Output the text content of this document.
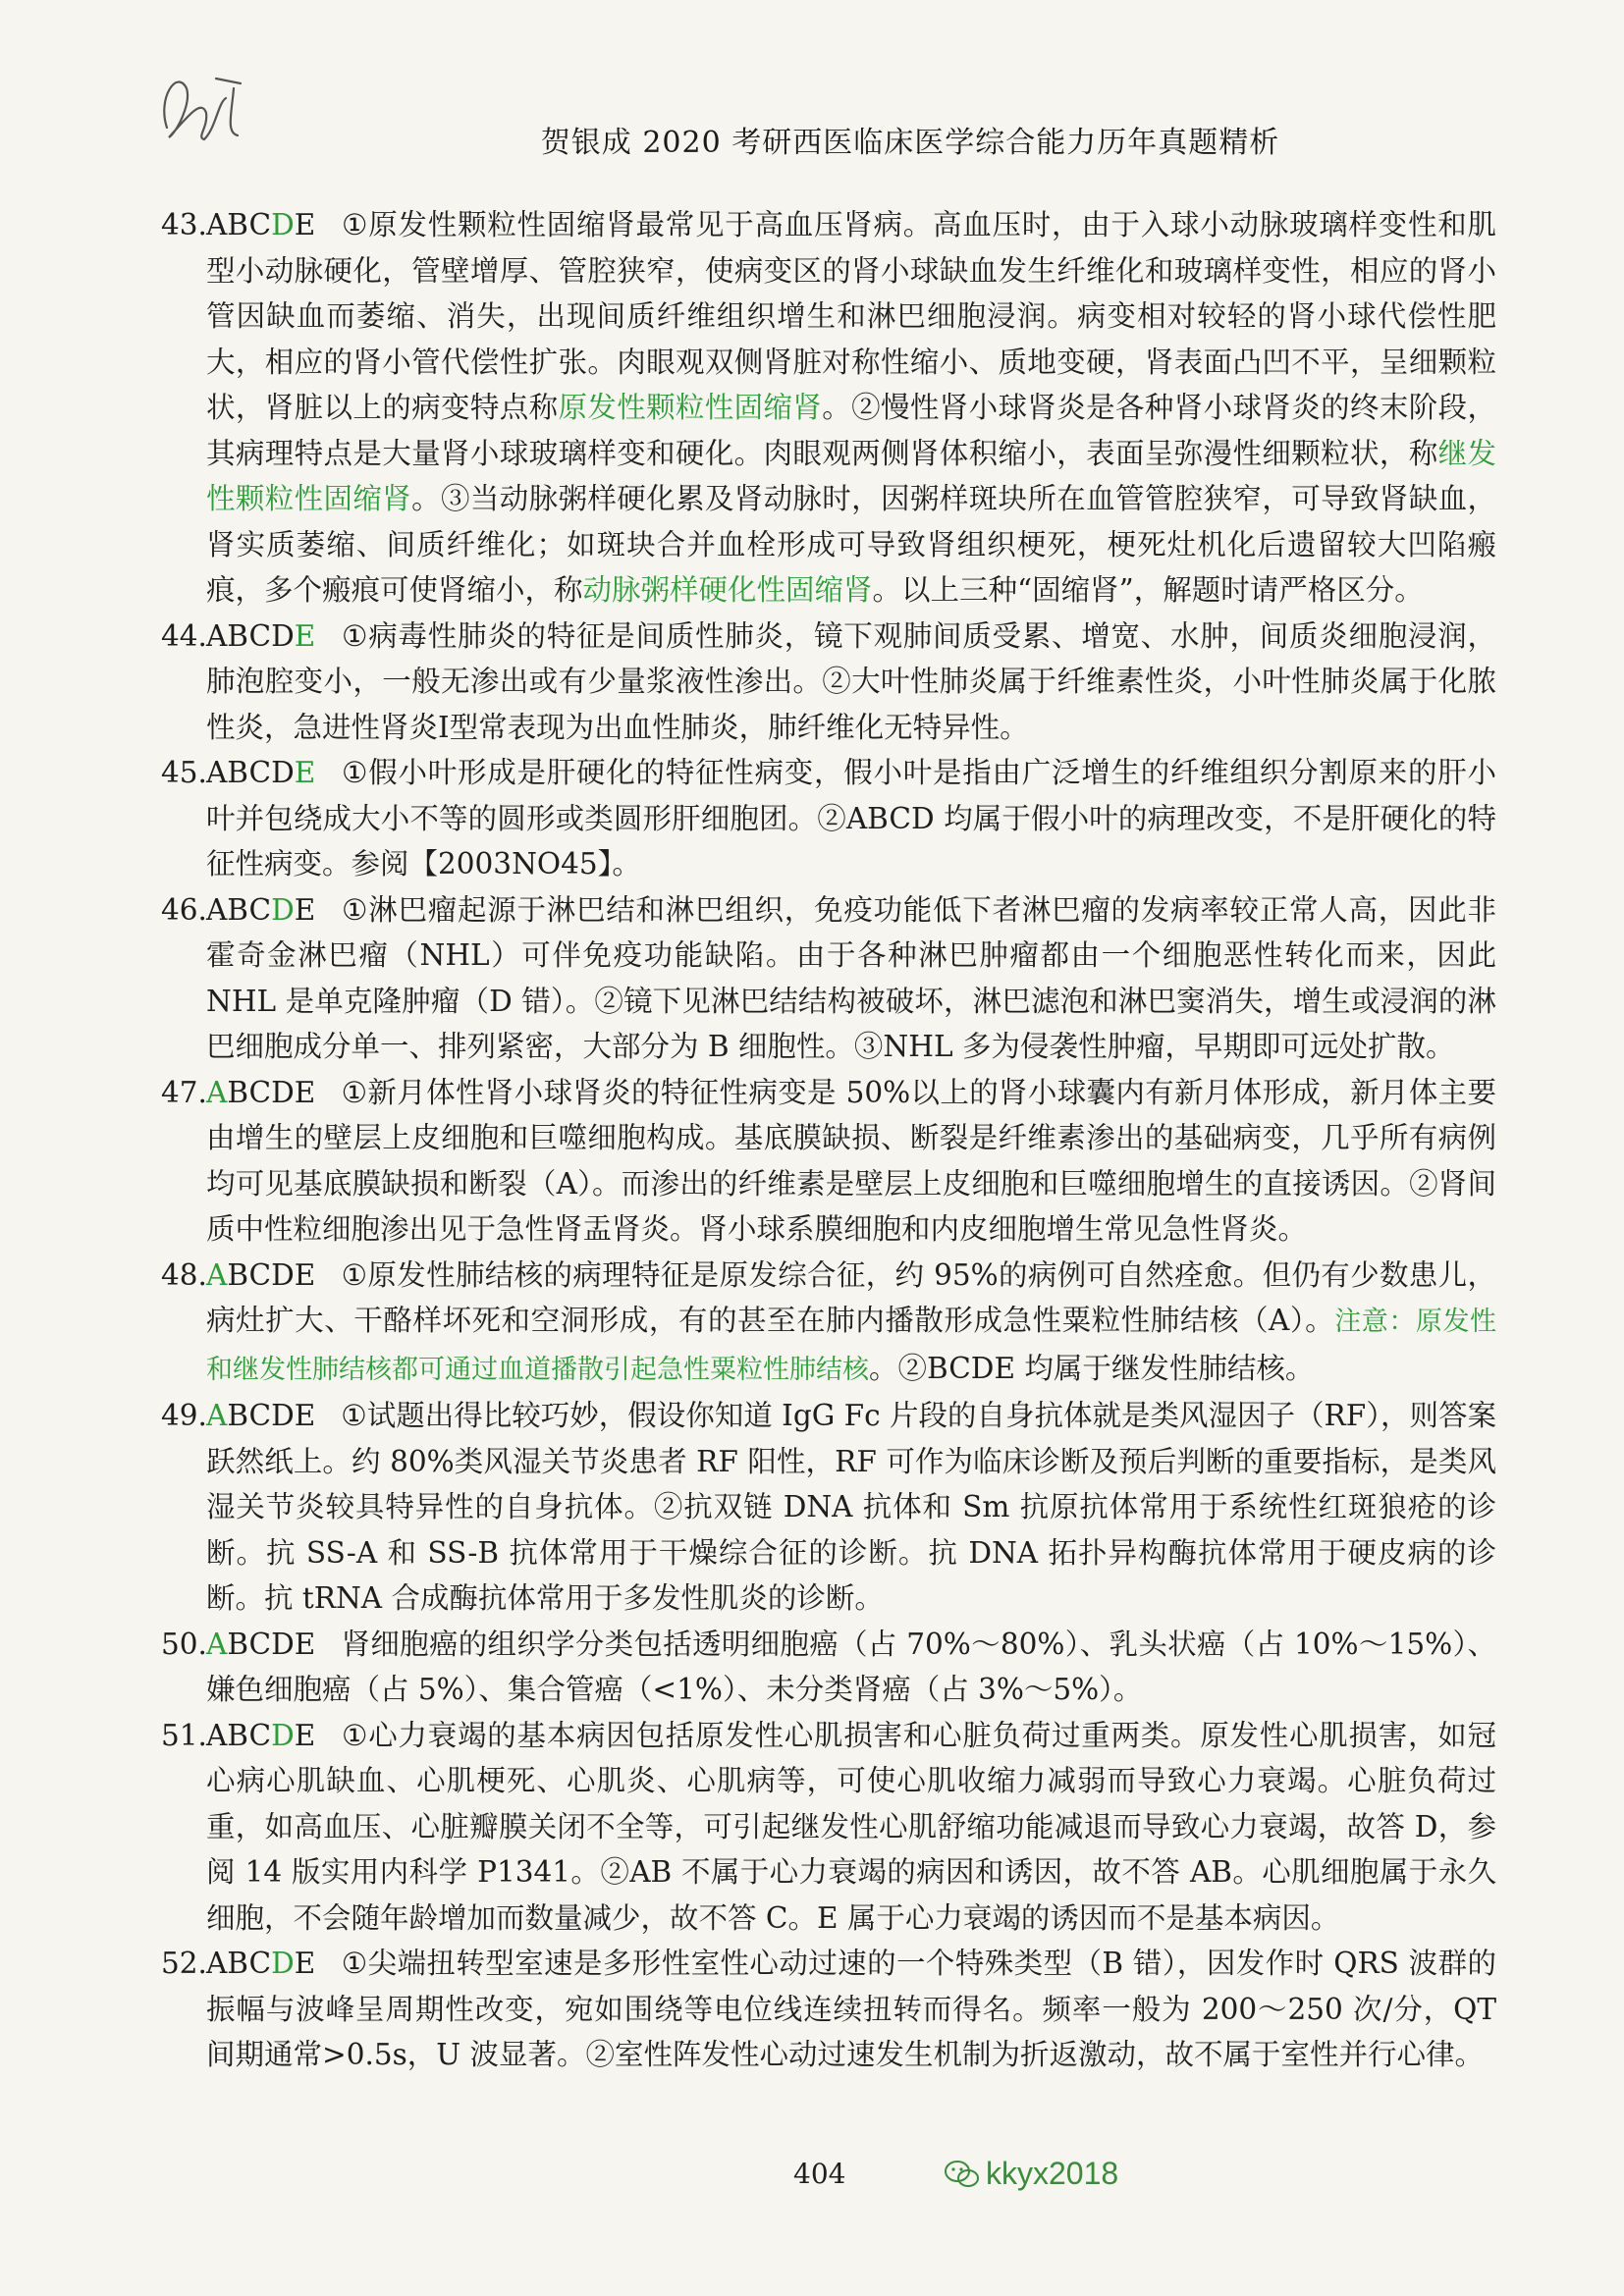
贺银成 2020 考研西医临床医学综合能力历年真题精析
43. ABCDE ①原发性颗粒性固缩肾最常见于高血压肾病。高血压时，由于入球小动脉玻璃样变性和肌型小动脉硬化，管壁增厚、管腔狭窄，使病变区的肾小球缺血发生纤维化和玻璃样变性，相应的肾小管因缺血而萎缩、消失，出现间质纤维组织增生和淋巴细胞浸润。病变相对较轻的肾小球代偿性肥大，相应的肾小管代偿性扩张。肉眼观双侧肾脏对称性缩小、质地变硬，肾表面凸凹不平，呈细颗粒状，肾脏以上的病变特点称原发性颗粒性固缩肾。②慢性肾小球肾炎是各种肾小球肾炎的终末阶段，其病理特点是大量肾小球玻璃样变和硬化。肉眼观两侧肾体积缩小，表面呈弥漫性细颗粒状，称继发性颗粒性固缩肾。③当动脉粥样硬化累及肾动脉时，因粥样斑块所在血管管腔狭窄，可导致肾缺血，肾实质萎缩、间质纤维化；如斑块合并血栓形成可导致肾组织梗死，梗死灶机化后遗留较大凹陷瘢痕，多个瘢痕可使肾缩小，称动脉粥样硬化性固缩肾。以上三种“固缩肾”，解题时请严格区分。
44. ABCDE ①病毒性肺炎的特征是间质性肺炎，镜下观肺间质受累、增宽、水肿，间质炎细胞浸润，肺泡腔变小，一般无渗出或有少量浆液性渗出。②大叶性肺炎属于纤维素性炎，小叶性肺炎属于化脓性炎，急进性肾炎Ⅰ型常表现为出血性肺炎，肺纤维化无特异性。
45. ABCDE ①假小叶形成是肝硬化的特征性病变，假小叶是指由广泛增生的纤维组织分割原来的肝小叶并包绕成大小不等的圆形或类圆形肝细胞团。②ABCD 均属于假小叶的病理改变，不是肝硬化的特征性病变。参阅【2003NO45】。
46. ABCDE ①淋巴瘤起源于淋巴结和淋巴组织，免疫功能低下者淋巴瘤的发病率较正常人高，因此非霍奇金淋巴瘤（NHL）可伴免疫功能缺陷。由于各种淋巴肿瘤都由一个细胞恶性转化而来，因此 NHL 是单克隆肿瘤（D 错）。②镜下见淋巴结结构被破坏，淋巴滤泡和淋巴窦消失，增生或浸润的淋巴细胞成分单一、排列紧密，大部分为 B 细胞性。③NHL 多为侵袭性肿瘤，早期即可远处扩散。
47. ABCDE ①新月体性肾小球肾炎的特征性病变是 50%以上的肾小球囊内有新月体形成，新月体主要由增生的壁层上皮细胞和巨噬细胞构成。基底膜缺损、断裂是纤维素渗出的基础病变，几乎所有病例均可见基底膜缺损和断裂（A）。而渗出的纤维素是壁层上皮细胞和巨噬细胞增生的直接诱因。②肾间质中性粒细胞渗出见于急性肾盂肾炎。肾小球系膜细胞和内皮细胞增生常见急性肾炎。
48. ABCDE ①原发性肺结核的病理特征是原发综合征，约 95%的病例可自然痊愈。但仍有少数患儿，病灶扩大、干酪样坏死和空洞形成，有的甚至在肺内播散形成急性粟粒性肺结核（A）。注意：原发性和继发性肺结核都可通过血道播散引起急性粟粒性肺结核。②BCDE 均属于继发性肺结核。
49. ABCDE ①试题出得比较巧妙，假设你知道 IgG Fc 片段的自身抗体就是类风湿因子（RF），则答案跃然纸上。约 80%类风湿关节炎患者 RF 阳性，RF 可作为临床诊断及预后判断的重要指标，是类风湿关节炎较具特异性的自身抗体。②抗双链 DNA 抗体和 Sm 抗原抗体常用于系统性红斑狼疮的诊断。抗 SS-A 和 SS-B 抗体常用于干燥综合征的诊断。抗 DNA 拓扑异构酶抗体常用于硬皮病的诊断。抗 tRNA 合成酶抗体常用于多发性肌炎的诊断。
50. ABCDE 肾细胞癌的组织学分类包括透明细胞癌（占 70%～80%）、乳头状癌（占 10%～15%）、嫌色细胞癌（占 5%）、集合管癌（<1%）、未分类肾癌（占 3%～5%）。
51. ABCDE ①心力衰竭的基本病因包括原发性心肌损害和心脏负荷过重两类。原发性心肌损害，如冠心病心肌缺血、心肌梗死、心肌炎、心肌病等，可使心肌收缩力减弱而导致心力衰竭。心脏负荷过重，如高血压、心脏瓣膜关闭不全等，可引起继发性心肌舒缩功能减退而导致心力衰竭，故答 D，参阅 14 版实用内科学 P1341。②AB 不属于心力衰竭的病因和诱因，故不答 AB。心肌细胞属于永久细胞，不会随年龄增加而数量减少，故不答 C。E 属于心力衰竭的诱因而不是基本病因。
52. ABCDE ①尖端扭转型室速是多形性室性心动过速的一个特殊类型（B 错），因发作时 QRS 波群的振幅与波峰呈周期性改变，宛如围绕等电位线连续扭转而得名。频率一般为 200～250 次/分，QT 间期通常>0.5s，U 波显著。②室性阵发性心动过速发生机制为折返激动，故不属于室性并行心律。
404	kkyx2018
